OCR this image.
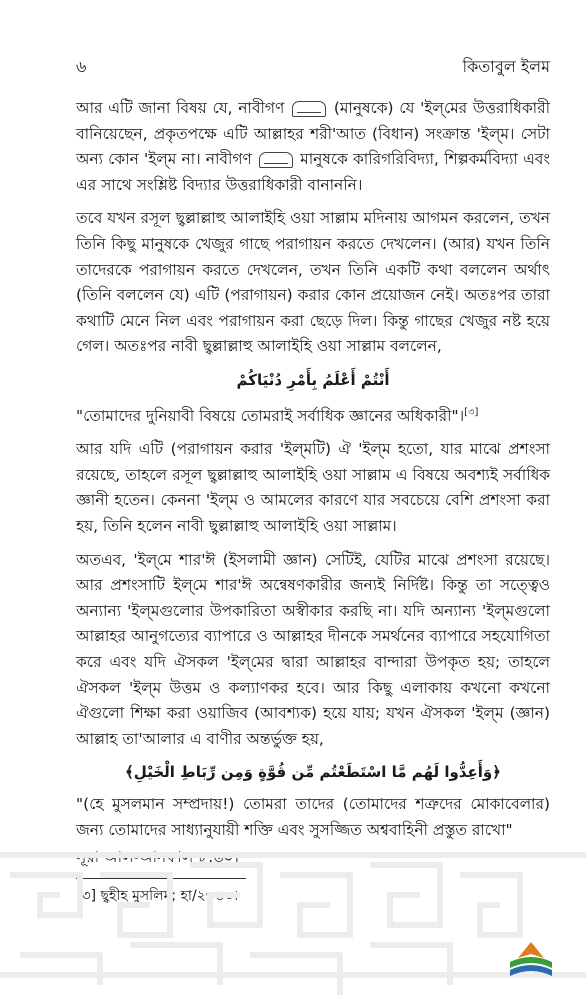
৬	কিতাবুল ইলম

আর এটি জানা বিষয় যে, নাবীগণ	(মানুষকে) যে 'ইল্‌মের উত্তরাধিকারী বানিয়েছেন, প্রকৃতপক্ষে এটি আল্লাহর শরী'আত (বিধান) সংক্রান্ত 'ইল্‌ম। সেটা অন্য কোন 'ইল্‌ম না। নাবীগণ	মানুষকে কারিগরিবিদ্যা, শিল্পকর্মবিদ্যা এবং এর সাথে সংশ্লিষ্ট বিদ্যার উত্তরাধিকারী বানাননি।

তবে যখন রসূল ছ্বল্লাল্লাহু আলাইহি ওয়া সাল্লাম মদিনায় আগমন করলেন, তখন তিনি কিছু মানুষকে খেজুর গাছে পরাগায়ন করতে দেখলেন। (আর) যখন তিনি তাদেরকে পরাগায়ন করতে দেখলেন, তখন তিনি একটি কথা বললেন অর্থাৎ (তিনি বললেন যে) এটি (পরাগায়ন) করার কোন প্রয়োজন নেই। অতঃপর তারা কথাটি মেনে নিল এবং পরাগায়ন করা ছেড়ে দিল। কিন্তু গাছের খেজুর নষ্ট হয়ে গেল। অতঃপর নাবী ছ্বল্লাল্লাহু আলাইহি ওয়া সাল্লাম বললেন,

أَنْتُمْ أَعْلَمُ بِأَمْرِ دُنْيَاكُمْ

"তোমাদের দুনিয়াবী বিষয়ে তোমরাই সর্বাধিক জ্ঞানের অধিকারী"।[৩]

আর যদি এটি (পরাগায়ন করার 'ইল্‌মটি) ঐ 'ইল্‌ম হতো, যার মাঝে প্রশংসা রয়েছে, তাহলে রসূল ছ্বল্লাল্লাহু আলাইহি ওয়া সাল্লাম এ বিষয়ে অবশ্যই সর্বাধিক জ্ঞানী হতেন। কেননা 'ইল্‌ম ও আমলের কারণে যার সবচেয়ে বেশি প্রশংসা করা হয়, তিনি হলেন নাবী ছ্বল্লাল্লাহু আলাইহি ওয়া সাল্লাম।

অতএব, 'ইল্‌মে শার'ঈ (ইসলামী জ্ঞান) সেটিই, যেটির মাঝে প্রশংসা রয়েছে। আর প্রশংসাটি ইল্‌মে শার'ঈ অন্বেষণকারীর জন্যই নির্দিষ্ট। কিন্তু তা সত্ত্বেও অন্যান্য 'ইল্‌মগুলোর উপকারিতা অস্বীকার করছি না। যদি অন্যান্য 'ইল্‌মগুলো আল্লাহর আনুগত্যের ব্যাপারে ও আল্লাহর দীনকে সমর্থনের ব্যাপারে সহযোগিতা করে এবং যদি ঐসকল 'ইল্‌মের দ্বারা আল্লাহর বান্দারা উপকৃত হয়; তাহলে ঐসকল 'ইল্‌ম উত্তম ও কল্যাণকর হবে। আর কিছু এলাকায় কখনো কখনো ঐগুলো শিক্ষা করা ওয়াজিব (আবশ্যক) হয়ে যায়; যখন ঐসকল 'ইল্‌ম (জ্ঞান) আল্লাহ তা'আলার এ বাণীর অন্তর্ভুক্ত হয়,

﴿وَأَعِدُّوا لَهُم مَّا اسْتَطَعْتُم مِّن قُوَّةٍ وَمِن رِّبَاطِ الْخَيْلِ﴾

"(হে মুসলমান সম্প্রদায়!) তোমরা তাদের (তোমাদের শত্রুদের মোকাবেলার) জন্য তোমাদের সাধ্যানুযায়ী শক্তি এবং সুসজ্জিত অশ্ববাহিনী প্রস্তুত রাখো"

সূরা আল-আনফাল ৮:৬০।

[৩] ছ্বহীহ মুসলিম; হা/২৩৬৩।
